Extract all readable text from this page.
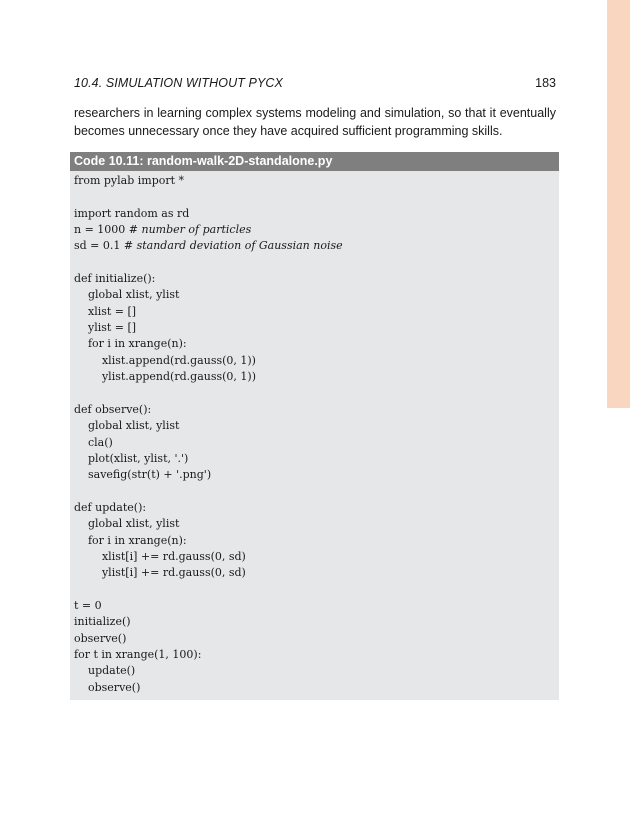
10.4. SIMULATION WITHOUT PYCX	183
researchers in learning complex systems modeling and simulation, so that it eventually becomes unnecessary once they have acquired sufficient programming skills.
Code 10.11: random-walk-2D-standalone.py
from pylab import *
import random as rd
n = 1000 # number of particles
sd = 0.1 # standard deviation of Gaussian noise
def initialize():
global xlist, ylist
xlist = []
ylist = []
for i in xrange(n):
xlist.append(rd.gauss(0, 1))
ylist.append(rd.gauss(0, 1))
def observe():
global xlist, ylist
cla()
plot(xlist, ylist, '.')
savefig(str(t) + '.png')
def update():
global xlist, ylist
for i in xrange(n):
xlist[i] += rd.gauss(0, sd)
ylist[i] += rd.gauss(0, sd)
t = 0
initialize()
observe()
for t in xrange(1, 100):
update()
observe()
